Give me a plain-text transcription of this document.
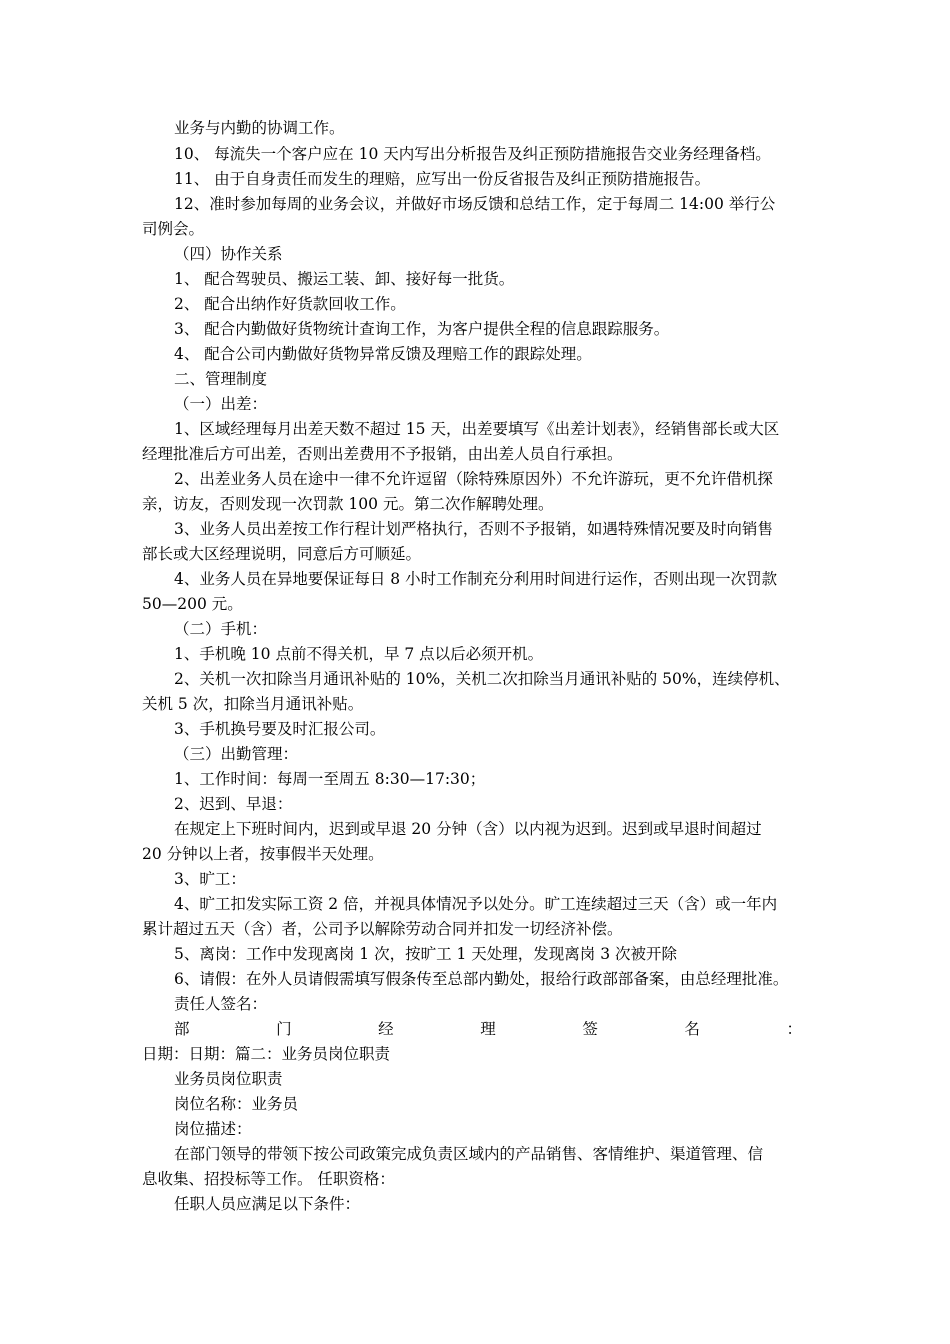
业务与内勤的协调工作。
10、 每流失一个客户应在 10 天内写出分析报告及纠正预防措施报告交业务经理备档。
11、 由于自身责任而发生的理赔，应写出一份反省报告及纠正预防措施报告。
12、准时参加每周的业务会议，并做好市场反馈和总结工作，定于每周二 14:00 举行公
司例会。
（四）协作关系
1、 配合驾驶员、搬运工装、卸、接好每一批货。
2、 配合出纳作好货款回收工作。
3、 配合内勤做好货物统计查询工作，为客户提供全程的信息跟踪服务。
4、 配合公司内勤做好货物异常反馈及理赔工作的跟踪处理。
二、管理制度
（一）出差：
1、区域经理每月出差天数不超过 15 天，出差要填写《出差计划表》，经销售部长或大区
经理批准后方可出差，否则出差费用不予报销，由出差人员自行承担。
2、出差业务人员在途中一律不允许逗留（除特殊原因外）不允许游玩，更不允许借机探
亲，访友，否则发现一次罚款 100 元。第二次作解聘处理。
3、业务人员出差按工作行程计划严格执行，否则不予报销，如遇特殊情况要及时向销售
部长或大区经理说明，同意后方可顺延。
4、业务人员在异地要保证每日 8 小时工作制充分利用时间进行运作，否则出现一次罚款
50—200 元。
（二）手机：
1、手机晚 10 点前不得关机，早 7 点以后必须开机。
2、关机一次扣除当月通讯补贴的 10%，关机二次扣除当月通讯补贴的 50%，连续停机、
关机 5 次，扣除当月通讯补贴。
3、手机换号要及时汇报公司。
（三）出勤管理：
1、工作时间：每周一至周五 8:30—17:30；
2、迟到、早退：
在规定上下班时间内，迟到或早退 20 分钟（含）以内视为迟到。迟到或早退时间超过
20 分钟以上者，按事假半天处理。
3、旷工：
4、旷工扣发实际工资 2 倍，并视具体情况予以处分。旷工连续超过三天（含）或一年内
累计超过五天（含）者，公司予以解除劳动合同并扣发一切经济补偿。
5、离岗：工作中发现离岗 1 次，按旷工 1 天处理，发现离岗 3 次被开除
6、请假：在外人员请假需填写假条传至总部内勤处，报给行政部部备案，由总经理批准。
责任人签名：
部	门	经	理	签	名	：
日期：日期：篇二：业务员岗位职责
业务员岗位职责
岗位名称：业务员
岗位描述：
在部门领导的带领下按公司政策完成负责区域内的产品销售、客情维护、渠道管理、信
息收集、招投标等工作。 任职资格：
任职人员应满足以下条件：
